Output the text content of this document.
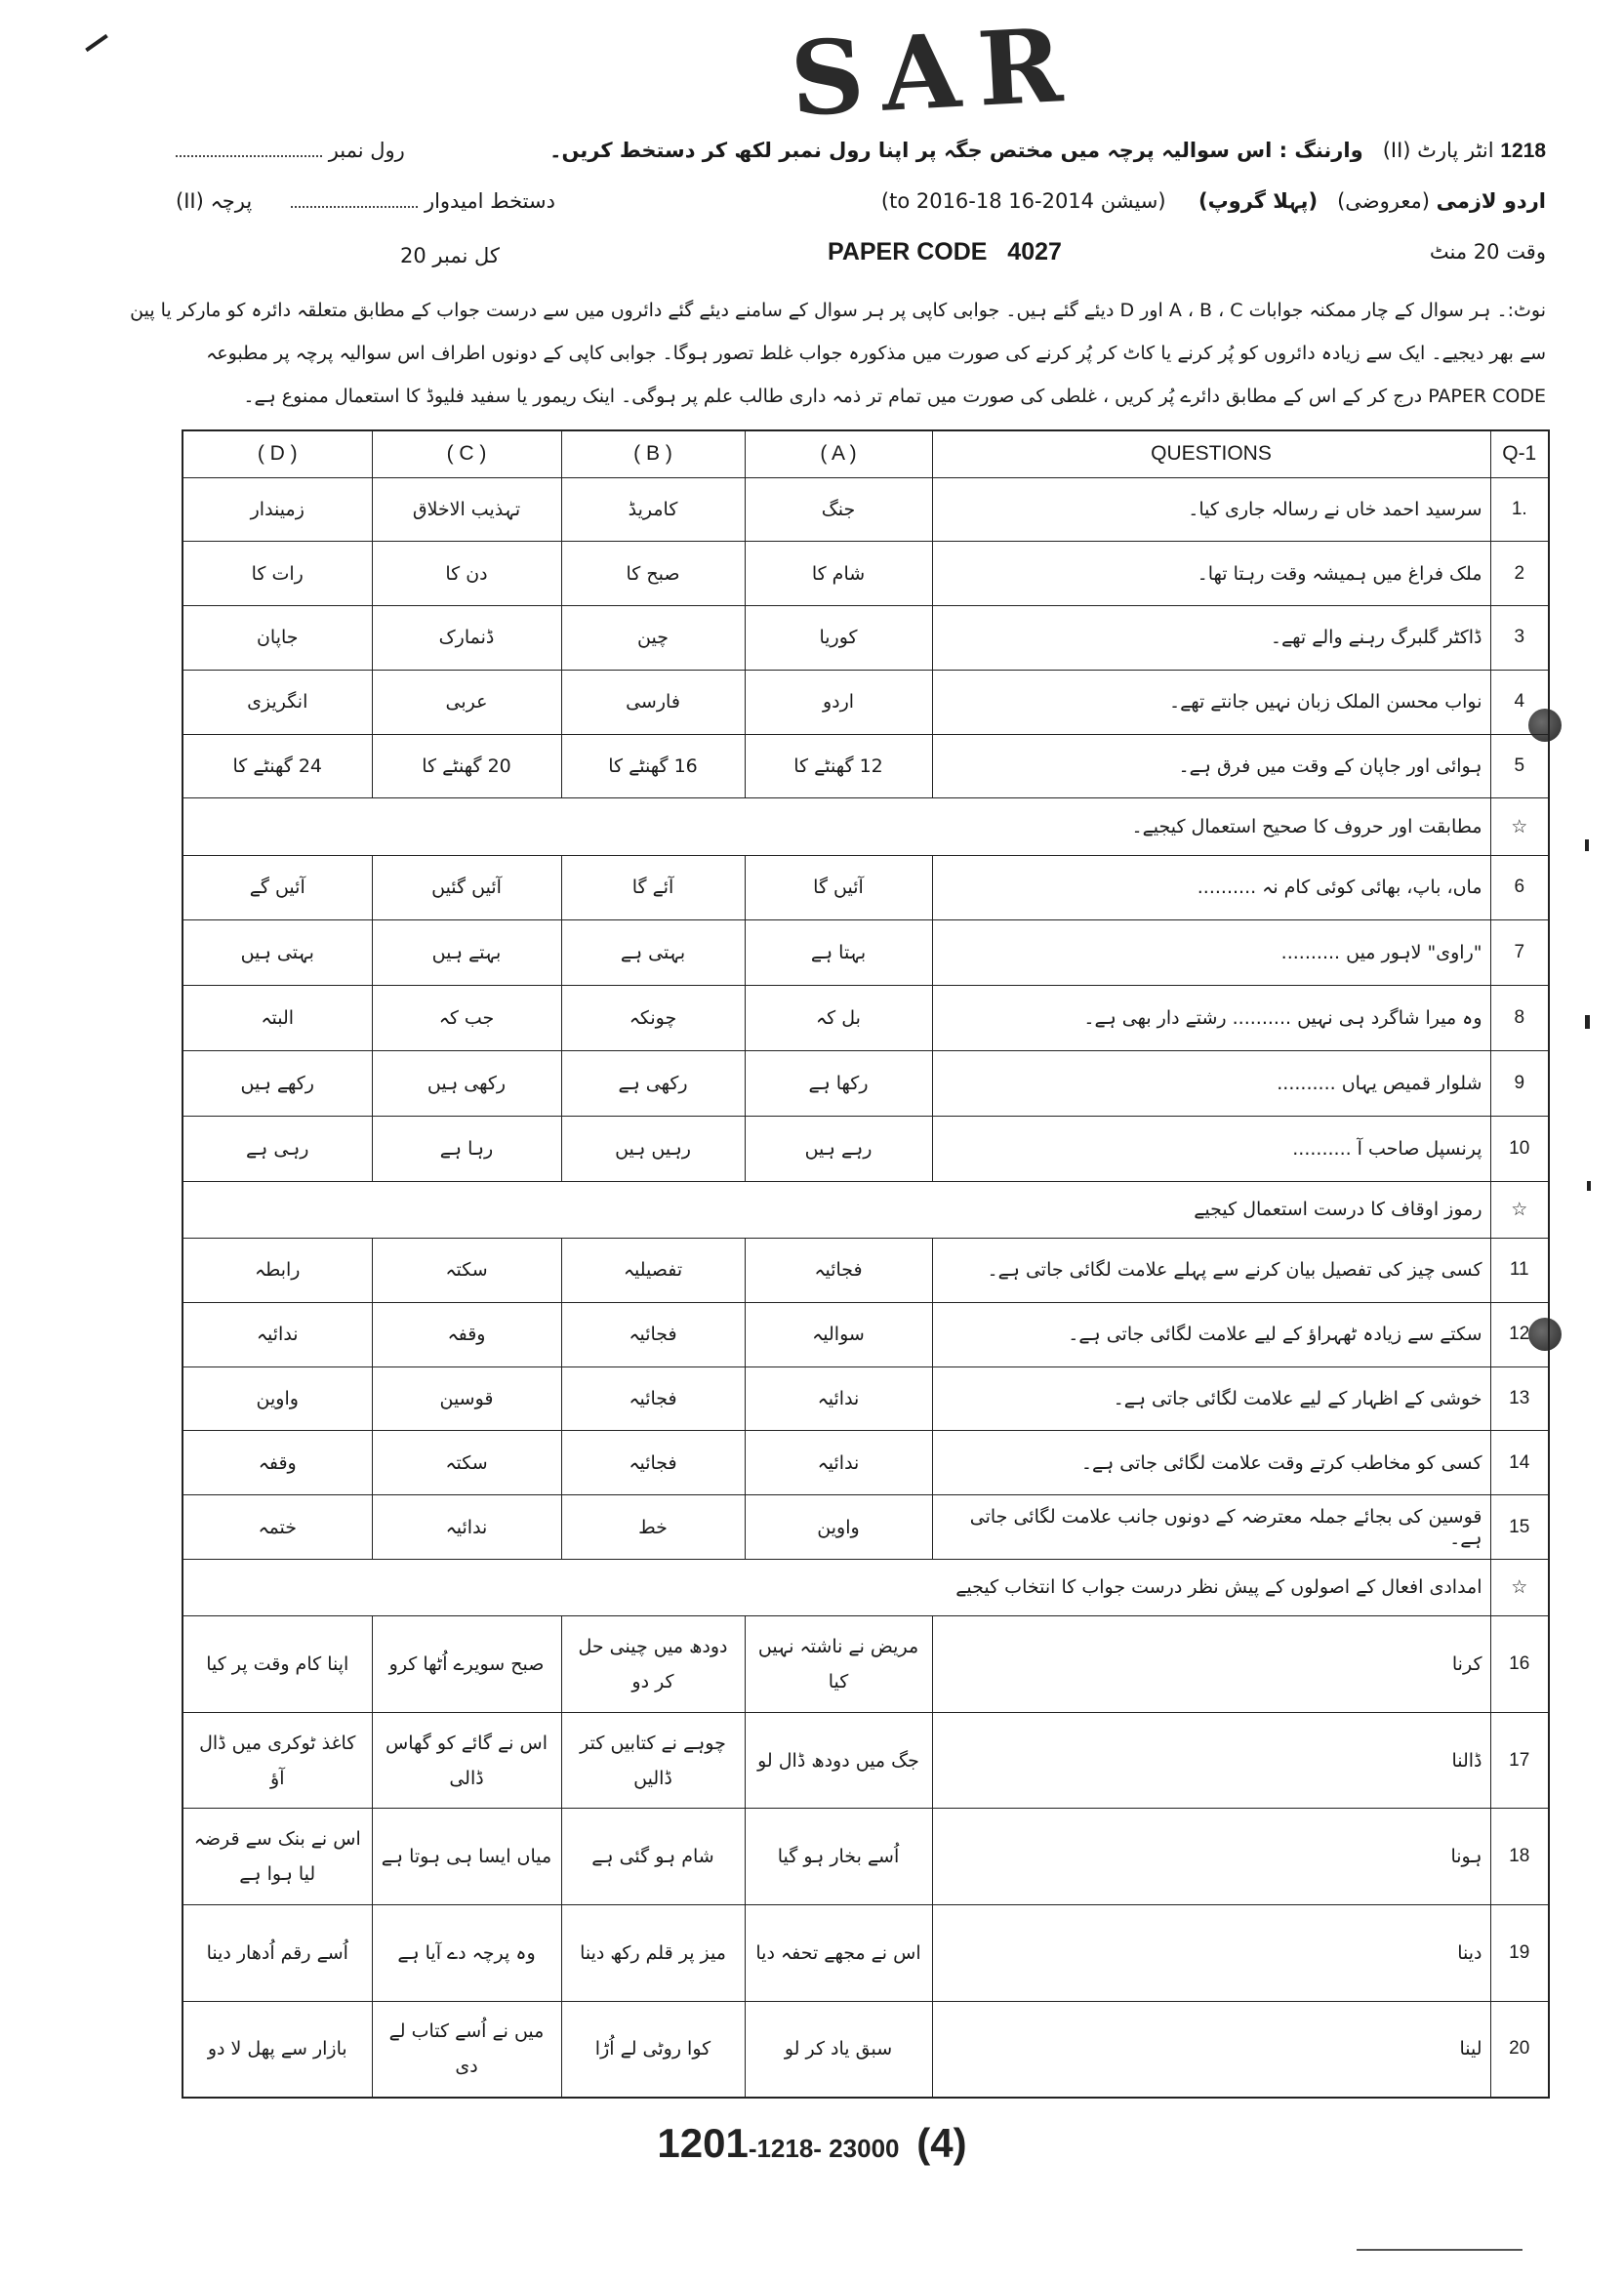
SAR
1218 انٹر پارٹ (II)   وارننگ : اس سوالیہ پرچہ میں مختص جگہ پر اپنا رول نمبر لکھ کر دستخط کریں۔
رول نمبر
اردو لازمی (معروضی)   (پہلا گروپ)     (سیشن 2014-16 to 2016-18)
دستخط امیدوار       پرچہ (II)
وقت 20 منٹ
PAPER CODE 4027
کل نمبر 20
نوٹ:۔ ہر سوال کے چار ممکنہ جوابات A ، B ، C اور D دیئے گئے ہیں۔ جوابی کاپی پر ہر سوال کے سامنے دیئے گئے دائروں میں سے درست جواب کے مطابق متعلقہ دائرہ کو مارکر یا پین
سے بھر دیجیے۔ ایک سے زیادہ دائروں کو پُر کرنے یا کاٹ کر پُر کرنے کی صورت میں مذکورہ جواب غلط تصور ہوگا۔ جوابی کاپی کے دونوں اطراف اس سوالیہ پرچہ پر مطبوعہ
PAPER CODE درج کر کے اس کے مطابق دائرے پُر کریں ، غلطی کی صورت میں تمام تر ذمہ داری طالب علم پر ہوگی۔ اینک ریمور یا سفید فلیوڈ کا استعمال ممنوع ہے۔
( D )	( C )	( B )	( A )	QUESTIONS	Q-1
زمیندار	تہذیب الاخلاق	کامریڈ	جنگ	سرسید احمد خاں نے رسالہ جاری کیا۔	1.
رات کا	دن کا	صبح کا	شام کا	ملک فراغ میں ہمیشہ وقت رہتا تھا۔	2
جاپان	ڈنمارک	چین	کوریا	ڈاکٹر گلبرگ رہنے والے تھے۔	3
انگریزی	عربی	فارسی	اردو	نواب محسن الملک زبان نہیں جانتے تھے۔	4
24 گھنٹے کا	20 گھنٹے کا	16 گھنٹے کا	12 گھنٹے کا	ہوائی اور جاپان کے وقت میں فرق ہے۔	5
مطابقت اور حروف کا صحیح استعمال کیجیے۔					☆
آئیں گے	آئیں گئیں	آئے گا	آئیں گا	ماں، باپ، بھائی کوئی کام نہ ..........	6
بہتی ہیں	بہتے ہیں	بہتی ہے	بہتا ہے	"راوی" لاہور میں ..........	7
البتہ	جب کہ	چونکہ	بل کہ	وہ میرا شاگرد ہی نہیں .......... رشتے دار بھی ہے۔	8
رکھے ہیں	رکھی ہیں	رکھی ہے	رکھا ہے	شلوار قمیص یہاں ..........	9
رہی ہے	رہا ہے	رہیں ہیں	رہے ہیں	پرنسپل صاحب آ ..........	10
رموز اوقاف کا درست استعمال کیجیے					☆
رابطہ	سکتہ	تفصیلیہ	فجائیہ	کسی چیز کی تفصیل بیان کرنے سے پہلے علامت لگائی جاتی ہے۔	11
ندائیہ	وقفہ	فجائیہ	سوالیہ	سکتے سے زیادہ ٹھہراؤ کے لیے علامت لگائی جاتی ہے۔	12
واوین	قوسین	فجائیہ	ندائیہ	خوشی کے اظہار کے لیے علامت لگائی جاتی ہے۔	13
وقفہ	سکتہ	فجائیہ	ندائیہ	کسی کو مخاطب کرتے وقت علامت لگائی جاتی ہے۔	14
ختمہ	ندائیہ	خط	واوین	قوسین کی بجائے جملہ معترضہ کے دونوں جانب علامت لگائی جاتی ہے۔	15
امدادی افعال کے اصولوں کے پیش نظر درست جواب کا انتخاب کیجیے					☆
اپنا کام وقت پر کیا	صبح سویرے اُٹھا کرو	دودھ میں چینی حل کر دو	مریض نے ناشتہ نہیں کیا	کرنا	16
کاغذ ٹوکری میں ڈال آؤ	اس نے گائے کو گھاس ڈالی	چوہے نے کتابیں کتر ڈالیں	جگ میں دودھ ڈال لو	ڈالنا	17
اس نے بنک سے قرضہ لیا ہوا ہے	میاں ایسا ہی ہوتا ہے	شام ہو گئی ہے	اُسے بخار ہو گیا	ہونا	18
اُسے رقم اُدھار دینا	وہ پرچہ دے آیا ہے	میز پر قلم رکھ دینا	اس نے مجھے تحفہ دیا	دینا	19
بازار سے پھل لا دو	میں نے اُسے کتاب لے دی	کوا روٹی لے اُڑا	سبق یاد کر لو	لینا	20
1201-1218- 23000 (4)
